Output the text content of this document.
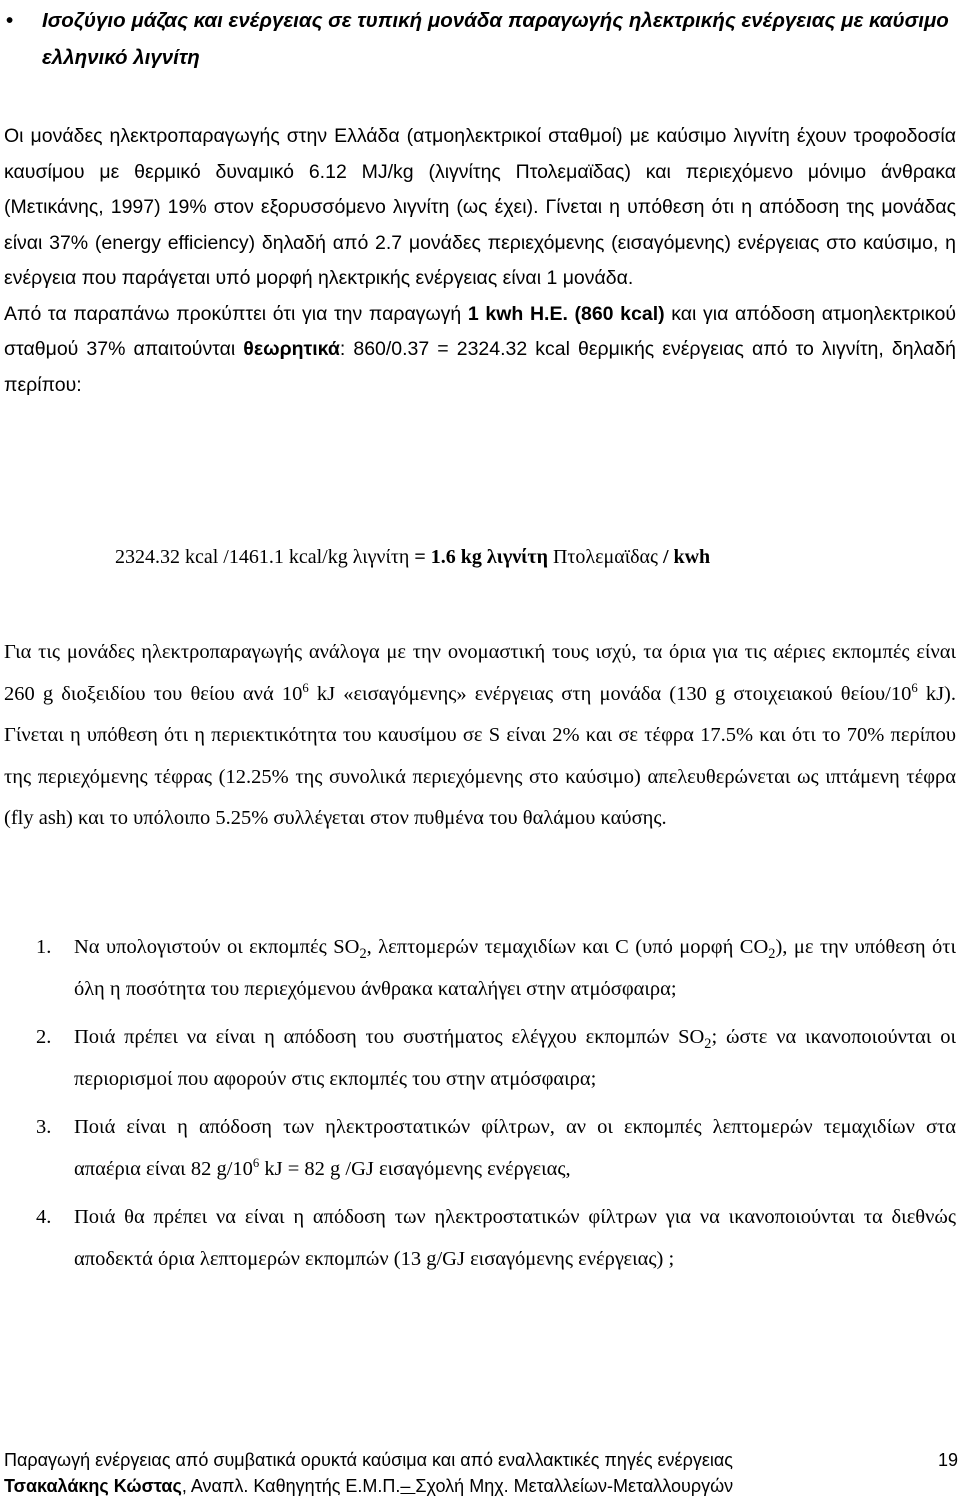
•	Ισοζύγιο μάζας και ενέργειας σε τυπική μονάδα παραγωγής ηλεκτρικής ενέργειας με καύσιμο ελληνικό λιγνίτη
Οι μονάδες ηλεκτροπαραγωγής στην Ελλάδα (ατμοηλεκτρικοί σταθμοί) με καύσιμο λιγνίτη έχουν τροφοδοσία καυσίμου με θερμικό δυναμικό 6.12 MJ/kg (λιγνίτης Πτολεμαϊδας) και περιεχόμενο μόνιμο άνθρακα (Μετικάνης, 1997) 19% στον εξορυσσόμενο λιγνίτη (ως έχει). Γίνεται η υπόθεση ότι η απόδοση της μονάδας είναι 37% (energy efficiency) δηλαδή από 2.7 μονάδες περιεχόμενης (εισαγόμενης) ενέργειας στο καύσιμο, η ενέργεια που παράγεται υπό μορφή ηλεκτρικής ενέργειας είναι 1 μονάδα.
Από τα παραπάνω προκύπτει ότι για την παραγωγή 1 kwh Η.Ε. (860 kcal) και για απόδοση ατμοηλεκτρικού σταθμού 37% απαιτούνται θεωρητικά: 860/0.37 = 2324.32 kcal θερμικής ενέργειας από το λιγνίτη, δηλαδή περίπου:
2324.32 kcal /1461.1 kcal/kg λιγνίτη = 1.6 kg λιγνίτη Πτολεμαϊδας / kwh
Για τις μονάδες ηλεκτροπαραγωγής ανάλογα με την ονομαστική τους ισχύ, τα όρια για τις αέριες εκπομπές είναι 260 g διοξειδίου του θείου ανά $10^6$ kJ «εισαγόμενης» ενέργειας στη μονάδα (130 g στοιχειακού θείου/$10^6$ kJ). Γίνεται η υπόθεση ότι η περιεκτικότητα του καυσίμου σε S είναι 2% και σε τέφρα 17.5% και ότι το 70% περίπου της περιεχόμενης τέφρας (12.25% της συνολικά περιεχόμενης στο καύσιμο) απελευθερώνεται ως ιπτάμενη τέφρα (fly ash) και το υπόλοιπο 5.25% συλλέγεται στον πυθμένα του θαλάμου καύσης.
1. Να υπολογιστούν οι εκπομπές $SO_2$, λεπτομερών τεμαχιδίων και C (υπό μορφή $CO_2$), με την υπόθεση ότι όλη η ποσότητα του περιεχόμενου άνθρακα καταλήγει στην ατμόσφαιρα;
2. Ποιά πρέπει να είναι η απόδοση του συστήματος ελέγχου εκπομπών $SO_2$; ώστε να ικανοποιούνται οι περιορισμοί που αφορούν στις εκπομπές του στην ατμόσφαιρα;
3. Ποιά είναι η απόδοση των ηλεκτροστατικών φίλτρων, αν οι εκπομπές λεπτομερών τεμαχιδίων στα απαέρια είναι 82 $g/10^6$ kJ = 82 g /GJ εισαγόμενης ενέργειας,
4. Ποιά θα πρέπει να είναι η απόδοση των ηλεκτροστατικών φίλτρων για να ικανοποιούνται τα διεθνώς αποδεκτά όρια λεπτομερών εκπομπών (13 g/GJ εισαγόμενης ενέργειας) ;
Παραγωγή ενέργειας από συμβατικά ορυκτά καύσιμα και από εναλλακτικές πηγές ενέργειας	19
Τσακαλάκης Κώστας, Αναπλ. Καθηγητής Ε.Μ.Π.– Σχολή Μηχ. Μεταλλείων-Μεταλλουργών
